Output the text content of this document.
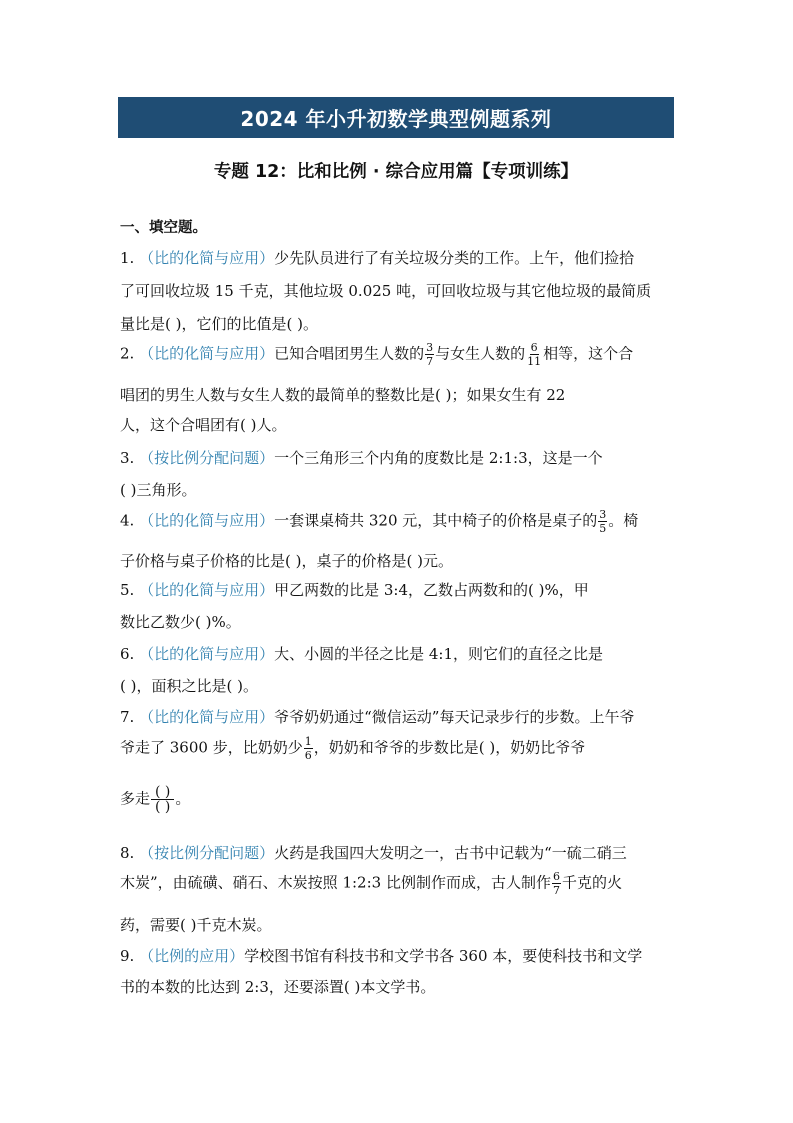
2024 年小升初数学典型例题系列
专题 12：比和比例 · 综合应用篇【专项训练】
一、填空题。
1. （比的化简与应用）少先队员进行了有关垃圾分类的工作。上午，他们捡拾
了可回收垃圾 15 千克，其他垃圾 0.025 吨，可回收垃圾与其它他垃圾的最简质
量比是( )，它们的比值是( )。
2. （比的化简与应用）已知合唱团男生人数的 $\frac{3}{7}$ 与女生人数的 $\frac{6}{11}$ 相等，这个合
唱团的男生人数与女生人数的最简单的整数比是( )；如果女生有 22
人，这个合唱团有( )人。
3. （按比例分配问题）一个三角形三个内角的度数比是 2:1:3，这是一个
( )三角形。
4. （比的化简与应用）一套课桌椅共 320 元，其中椅子的价格是桌子的 $\frac{3}{5}$ 。椅
子价格与桌子价格的比是( )，桌子的价格是( )元。
5. （比的化简与应用）甲乙两数的比是 3:4，乙数占两数和的( )%，甲
数比乙数少( )%。
6. （比的化简与应用）大、小圆的半径之比是 4:1，则它们的直径之比是
( )，面积之比是( )。
7. （比的化简与应用）爷爷奶奶通过“微信运动”每天记录步行的步数。上午爷
爷走了 3600 步，比奶奶少 $\frac{1}{6}$ ，奶奶和爷爷的步数比是( )，奶奶比爷爷
多走 $\frac{( )}{( )}$ 。
8. （按比例分配问题）火药是我国四大发明之一，古书中记载为“一硫二硝三
木炭”，由硫磺、硝石、木炭按照 1:2:3 比例制作而成，古人制作 $\frac{6}{7}$ 千克的火
药，需要( )千克木炭。
9. （比例的应用）学校图书馆有科技书和文学书各 360 本，要使科技书和文学
书的本数的比达到 2:3，还要添置( )本文学书。
